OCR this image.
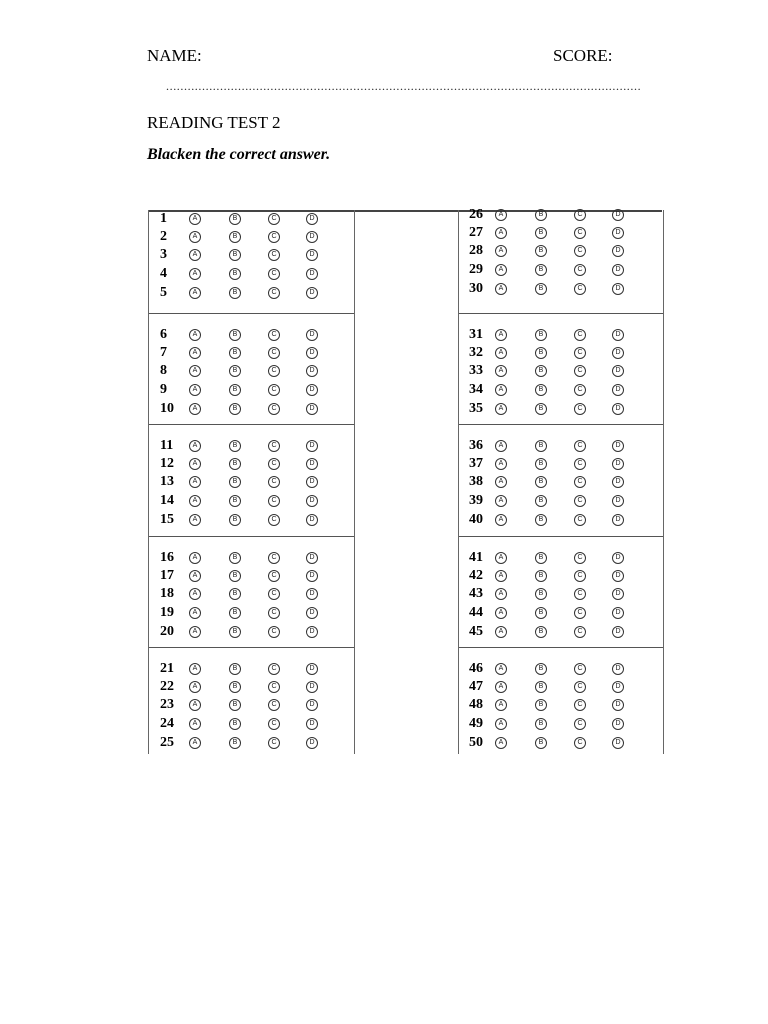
NAME:	SCORE:
....................................................................................................................................
READING TEST 2
Blacken the correct answer.
1	A	B	C	D
2	A	B	C	D
3	A	B	C	D
4	A	B	C	D
5	A	B	C	D
6	A	B	C	D
7	A	B	C	D
8	A	B	C	D
9	A	B	C	D
10	A	B	C	D
11	A	B	C	D
12	A	B	C	D
13	A	B	C	D
14	A	B	C	D
15	A	B	C	D
16	A	B	C	D
17	A	B	C	D
18	A	B	C	D
19	A	B	C	D
20	A	B	C	D
21	A	B	C	D
22	A	B	C	D
23	A	B	C	D
24	A	B	C	D
25	A	B	C	D
26	A	B	C	D
27	A	B	C	D
28	A	B	C	D
29	A	B	C	D
30	A	B	C	D
31	A	B	C	D
32	A	B	C	D
33	A	B	C	D
34	A	B	C	D
35	A	B	C	D
36	A	B	C	D
37	A	B	C	D
38	A	B	C	D
39	A	B	C	D
40	A	B	C	D
41	A	B	C	D
42	A	B	C	D
43	A	B	C	D
44	A	B	C	D
45	A	B	C	D
46	A	B	C	D
47	A	B	C	D
48	A	B	C	D
49	A	B	C	D
50	A	B	C	D
